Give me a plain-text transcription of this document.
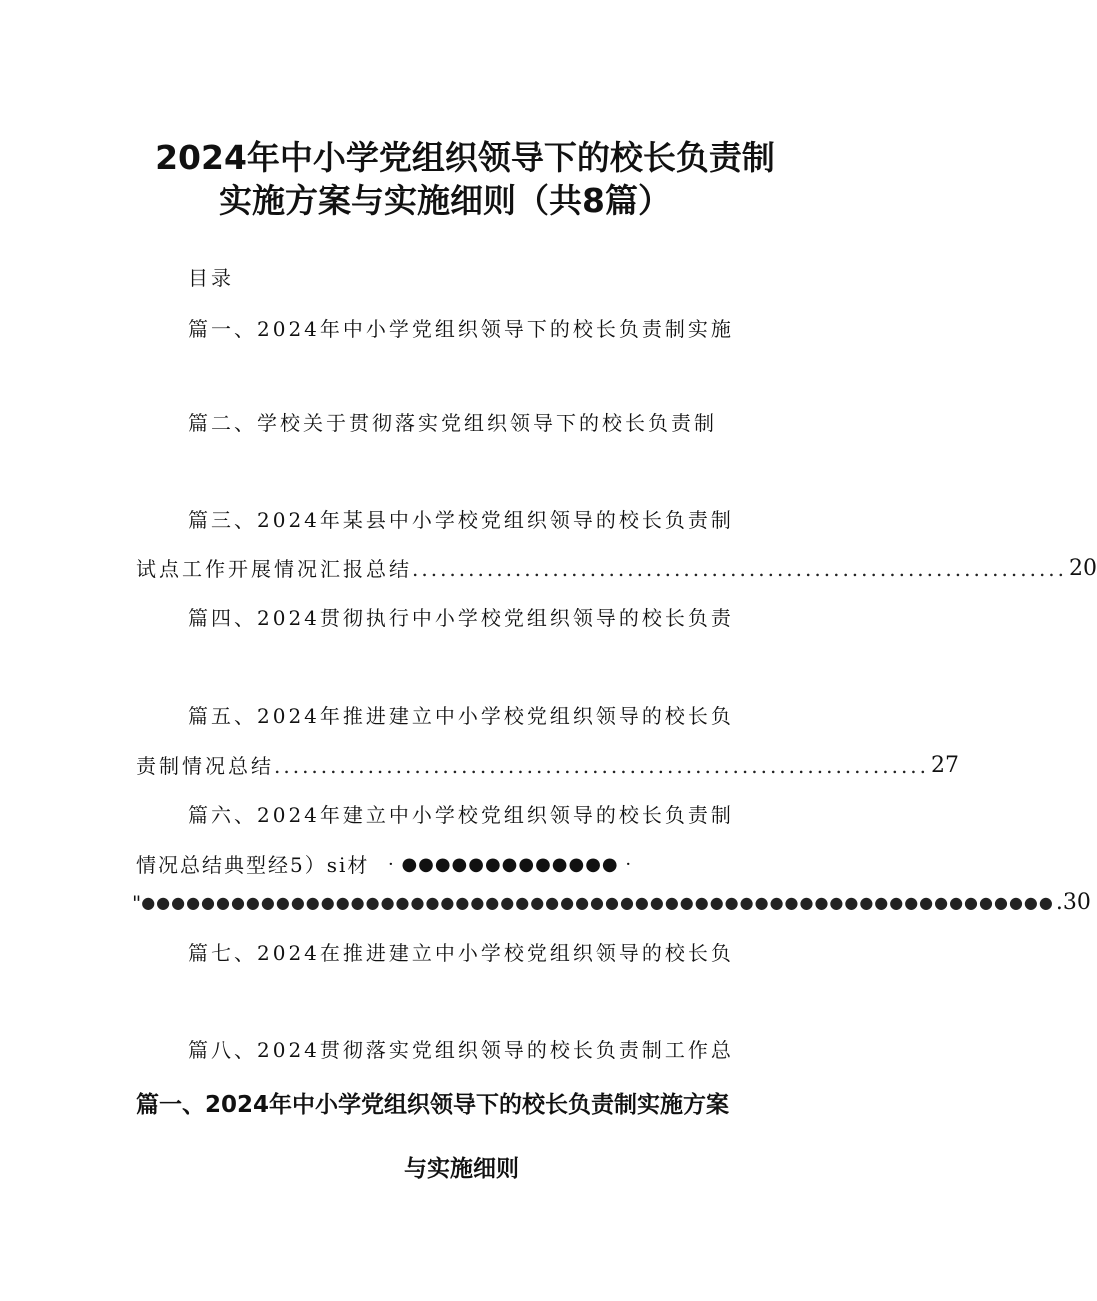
2024年中小学党组织领导下的校长负责制
实施方案与实施细则（共8篇）
目录
篇一、2024年中小学党组织领导下的校长负责制实施
篇二、学校关于贯彻落实党组织领导下的校长负责制
篇三、2024年某县中小学校党组织领导的校长负责制
试点工作开展情况汇报总结 ...................................................................... 20
篇四、2024贯彻执行中小学校党组织领导的校长负责
篇五、2024年推进建立中小学校党组织领导的校长负
责制情况总结 ...................................................................... 27
篇六、2024年建立中小学校党组织领导的校长负责制
情况总结典型经5）si材 · ●●●●●●●●●●●●● ·
" ●●●●●●●●●●●●●●●●●●●●●●●●●●●●●●●●●●●●●●●●●●●●●●●●●●●●●●●●●●●●● .30
篇七、2024在推进建立中小学校党组织领导的校长负
篇八、2024贯彻落实党组织领导的校长负责制工作总
篇一、2024年中小学党组织领导下的校长负责制实施方案
与实施细则
